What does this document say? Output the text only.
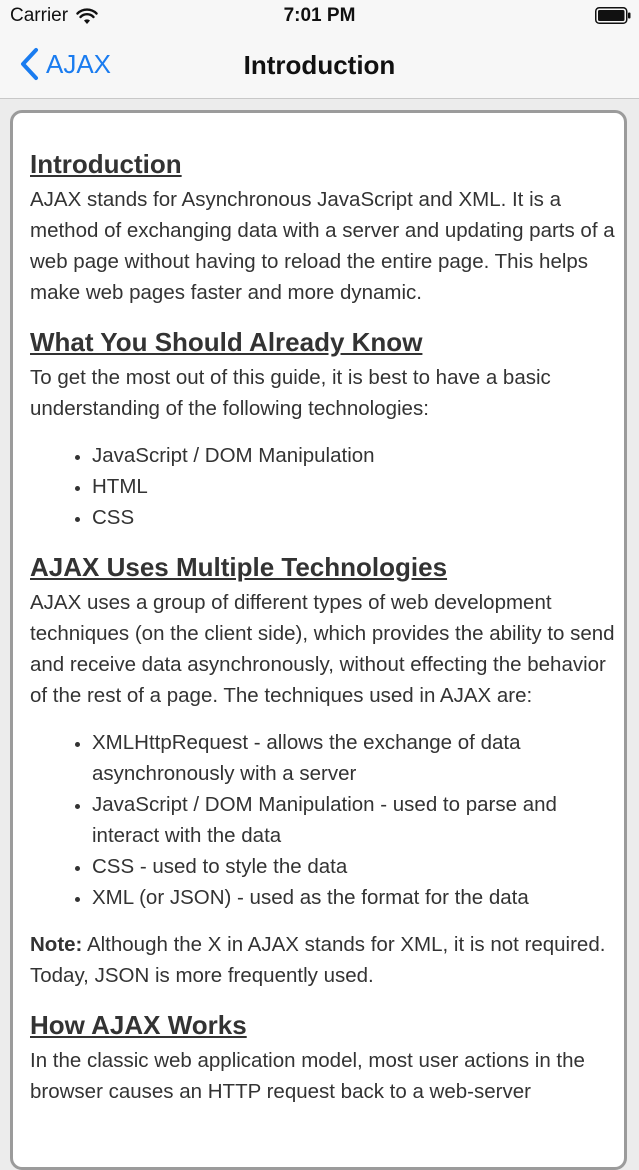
Carrier	7:01 PM
AJAX	Introduction
Introduction

AJAX stands for Asynchronous JavaScript and XML. It is a method of exchanging data with a server and updating parts of a web page without having to reload the entire page. This helps make web pages faster and more dynamic.

What You Should Already Know

To get the most out of this guide, it is best to have a basic understanding of the following technologies:

• JavaScript / DOM Manipulation
• HTML
• CSS
AJAX Uses Multiple Technologies

AJAX uses a group of different types of web development techniques (on the client side), which provides the ability to send and receive data asynchronously, without effecting the behavior of the rest of a page. The techniques used in AJAX are:

• XMLHttpRequest - allows the exchange of data asynchronously with a server
• JavaScript / DOM Manipulation - used to parse and interact with the data
• CSS - used to style the data
• XML (or JSON) - used as the format for the data

Note: Although the X in AJAX stands for XML, it is not required. Today, JSON is more frequently used.

How AJAX Works

In the classic web application model, most user actions in the browser causes an HTTP request back to a web-server
